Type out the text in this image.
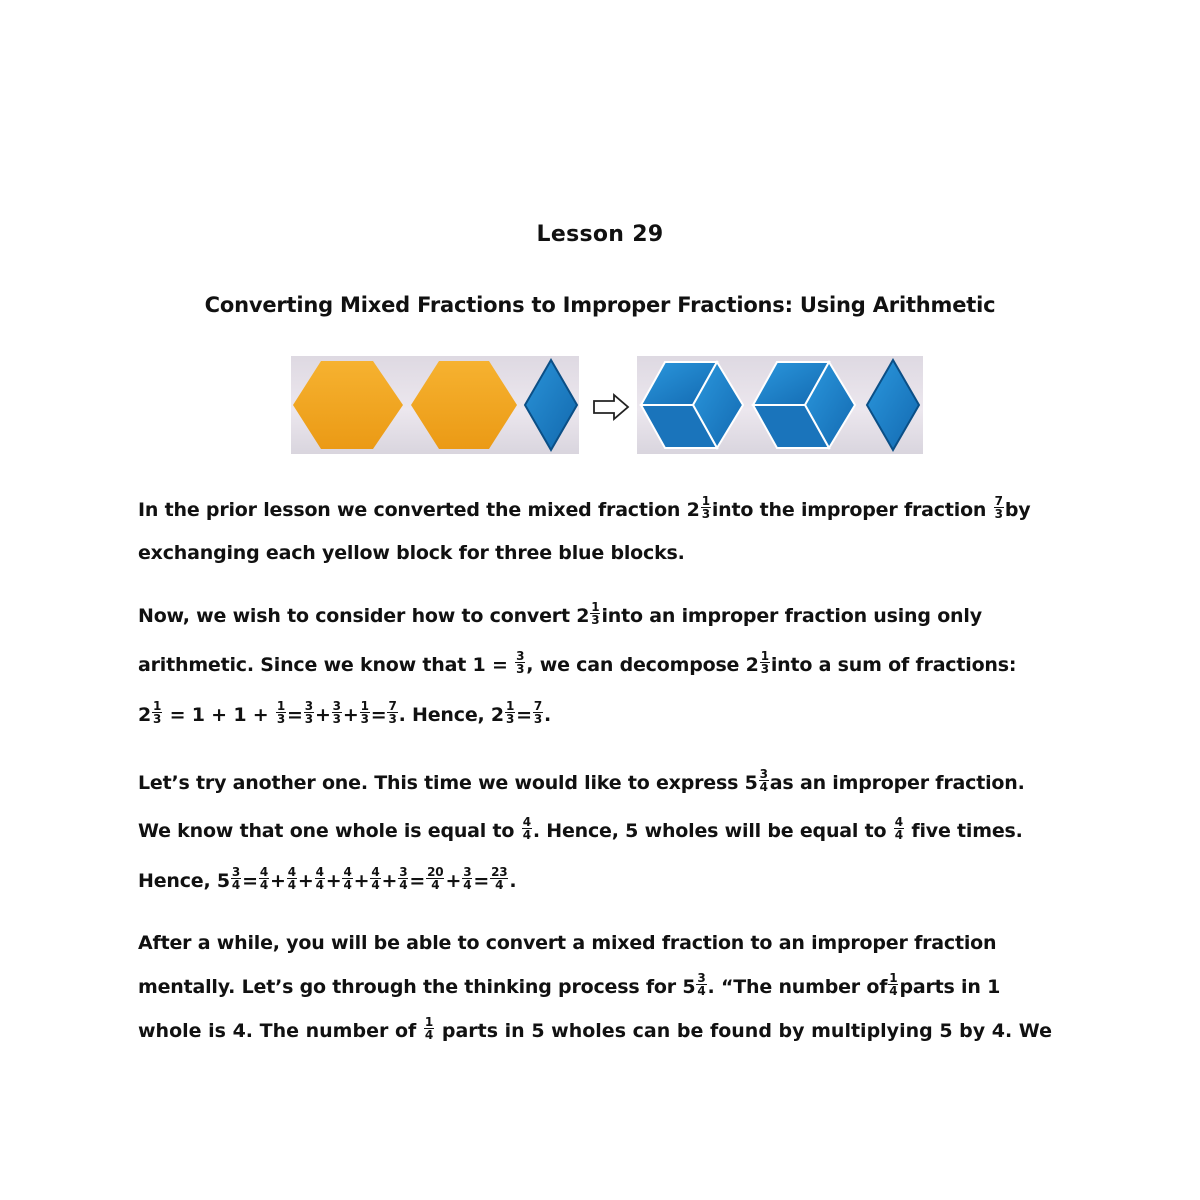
Lesson 29
Converting Mixed Fractions to Improper Fractions: Using Arithmetic
In the prior lesson we converted the mixed fraction $2 \frac{1}{3}$ into the improper fraction $\frac{7}{3}$ by
exchanging each yellow block for three blue blocks.
Now, we wish to consider how to convert $2 \frac{1}{3}$ into an improper fraction using only
arithmetic. Since we know that $1 = \frac{3}{3}$ , we can decompose $2 \frac{1}{3}$ into a sum of fractions:
$2 \frac{1}{3} = 1 + 1 + \frac{1}{3} = \frac{3}{3} + \frac{3}{3} + \frac{1}{3} = \frac{7}{3}$ . Hence, $2 \frac{1}{3} = \frac{7}{3}$ .
Let’s try another one. This time we would like to express $5 \frac{3}{4}$ as an improper fraction.
We know that one whole is equal to $\frac{4}{4}$ . Hence, 5 wholes will be equal to $\frac{4}{4}$ five times.
Hence, $5 \frac{3}{4} = \frac{4}{4} + \frac{4}{4} + \frac{4}{4} + \frac{4}{4} + \frac{4}{4} + \frac{3}{4} = \frac{20}{4} + \frac{3}{4} = \frac{23}{4}$ .
After a while, you will be able to convert a mixed fraction to an improper fraction
mentally. Let’s go through the thinking process for $5 \frac{3}{4}$ . “The number of $\frac{1}{4}$ parts in 1
whole is 4. The number of $\frac{1}{4}$ parts in 5 wholes can be found by multiplying 5 by 4. We
